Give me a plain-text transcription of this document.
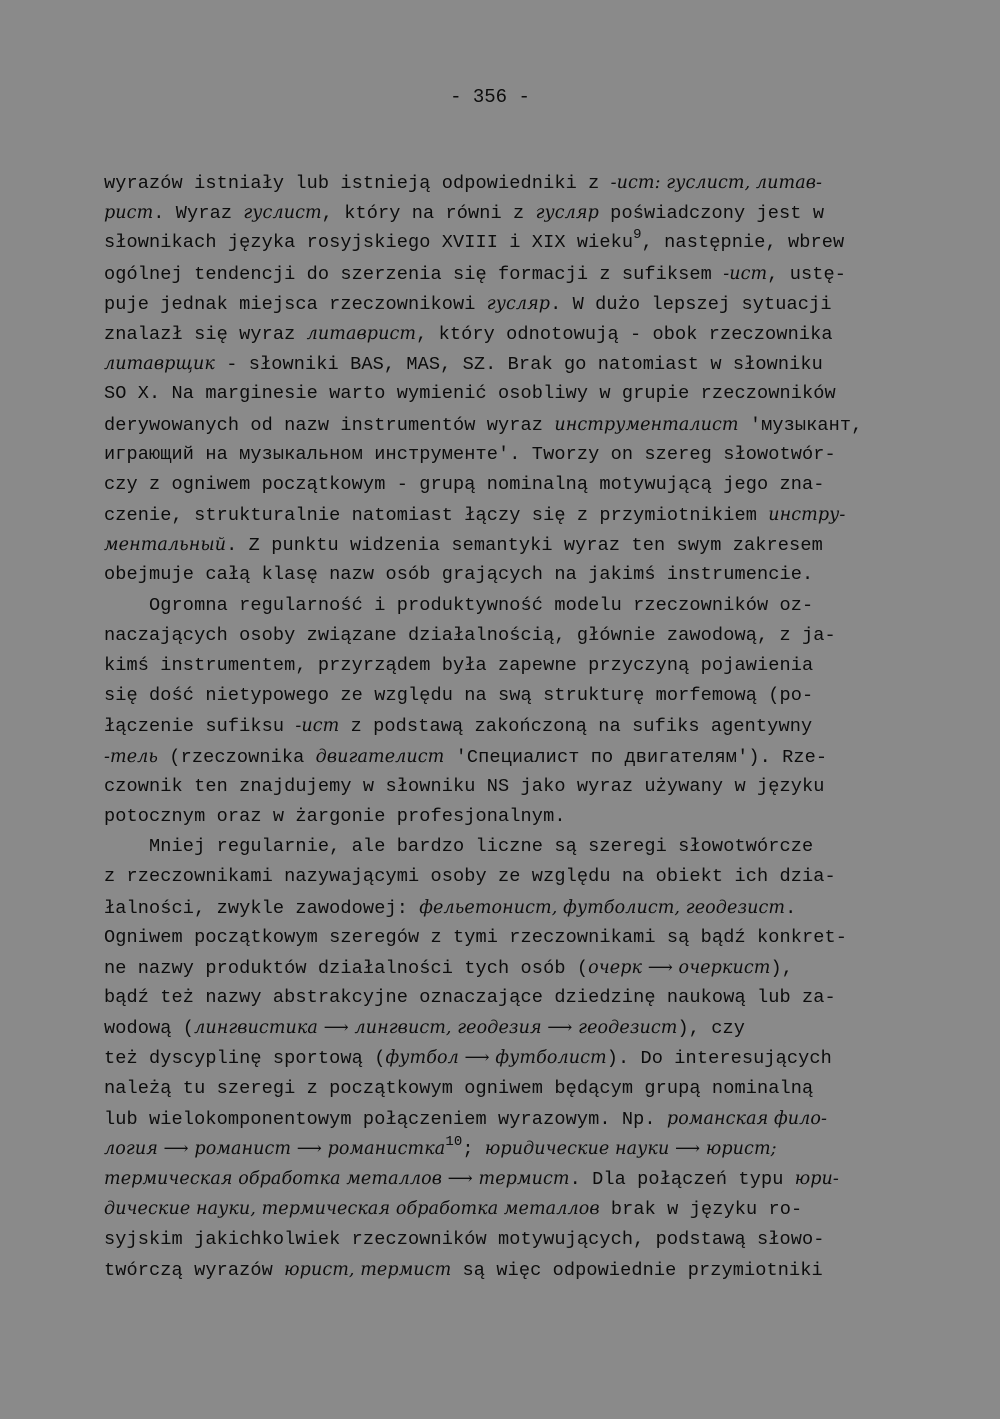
- 356 -
wyrazów istniały lub istnieją odpowiedniki z -ист: гуслист, литав-
рист. Wyraz гуслист, który na równi z гусляр poświadczony jest w
słownikach języka rosyjskiego XVIII i XIX wieku$^9$, następnie, wbrew
ogólnej tendencji do szerzenia się formacji z sufiksem -ист, ustę-
puje jednak miejsca rzeczownikowi гусляр. W dużo lepszej sytuacji
znalazł się wyraz литаврист, który odnotowują - obok rzeczownika
литаврщик - słowniki BAS, MAS, SZ. Brak go natomiast w słowniku
SO X. Na marginesie warto wymienić osobliwy w grupie rzeczowników
derywowanych od nazw instrumentów wyraz инструменталист 'музыкант,
играющий на музыкальном инструменте'. Tworzy on szereg słowotwór-
czy z ogniwem początkowym - grupą nominalną motywującą jego zna-
czenie, strukturalnie natomiast łączy się z przymiotnikiem инстру-
ментальный. Z punktu widzenia semantyki wyraz ten swym zakresem
obejmuje całą klasę nazw osób grających na jakimś instrumencie.
Ogromna regularność i produktywność modelu rzeczowników oz-
naczających osoby związane działalnością, głównie zawodową, z ja-
kimś instrumentem, przyrządem była zapewne przyczyną pojawienia
się dość nietypowego ze względu na swą strukturę morfemową (po-
łączenie sufiksu -ист z podstawą zakończoną na sufiks agentywny
-тель (rzeczownika двигателист 'Специалист по двигателям'). Rze-
czownik ten znajdujemy w słowniku NS jako wyraz używany w języku
potocznym oraz w żargonie profesjonalnym.
Mniej regularnie, ale bardzo liczne są szeregi słowotwórcze
z rzeczownikami nazywającymi osoby ze względu na obiekt ich dzia-
łalności, zwykle zawodowej: фельетонист, футболист, геодезист.
Ogniwem początkowym szeregów z tymi rzeczownikami są bądź konkret-
ne nazwy produktów działalności tych osób (очерк ⟶ очеркист),
bądź też nazwy abstrakcyjne oznaczające dziedzinę naukową lub za-
wodową (лингвистика ⟶ лингвист, геодезия ⟶ геодезист), czy
też dyscyplinę sportową (футбол ⟶ футболист). Do interesujących
należą tu szeregi z początkowym ogniwem będącym grupą nominalną
lub wielokomponentowym połączeniem wyrazowym. Np. романская фило-
логия ⟶ романист ⟶ романистка$^{10}$; юридические науки ⟶ юрист;
термическая обработка металлов ⟶ термист. Dla połączeń typu юри-
дические науки, термическая обработка металлов brak w języku ro-
syjskim jakichkolwiek rzeczowników motywujących, podstawą słowo-
twórczą wyrazów юрист, термист są więc odpowiednie przymiotniki
